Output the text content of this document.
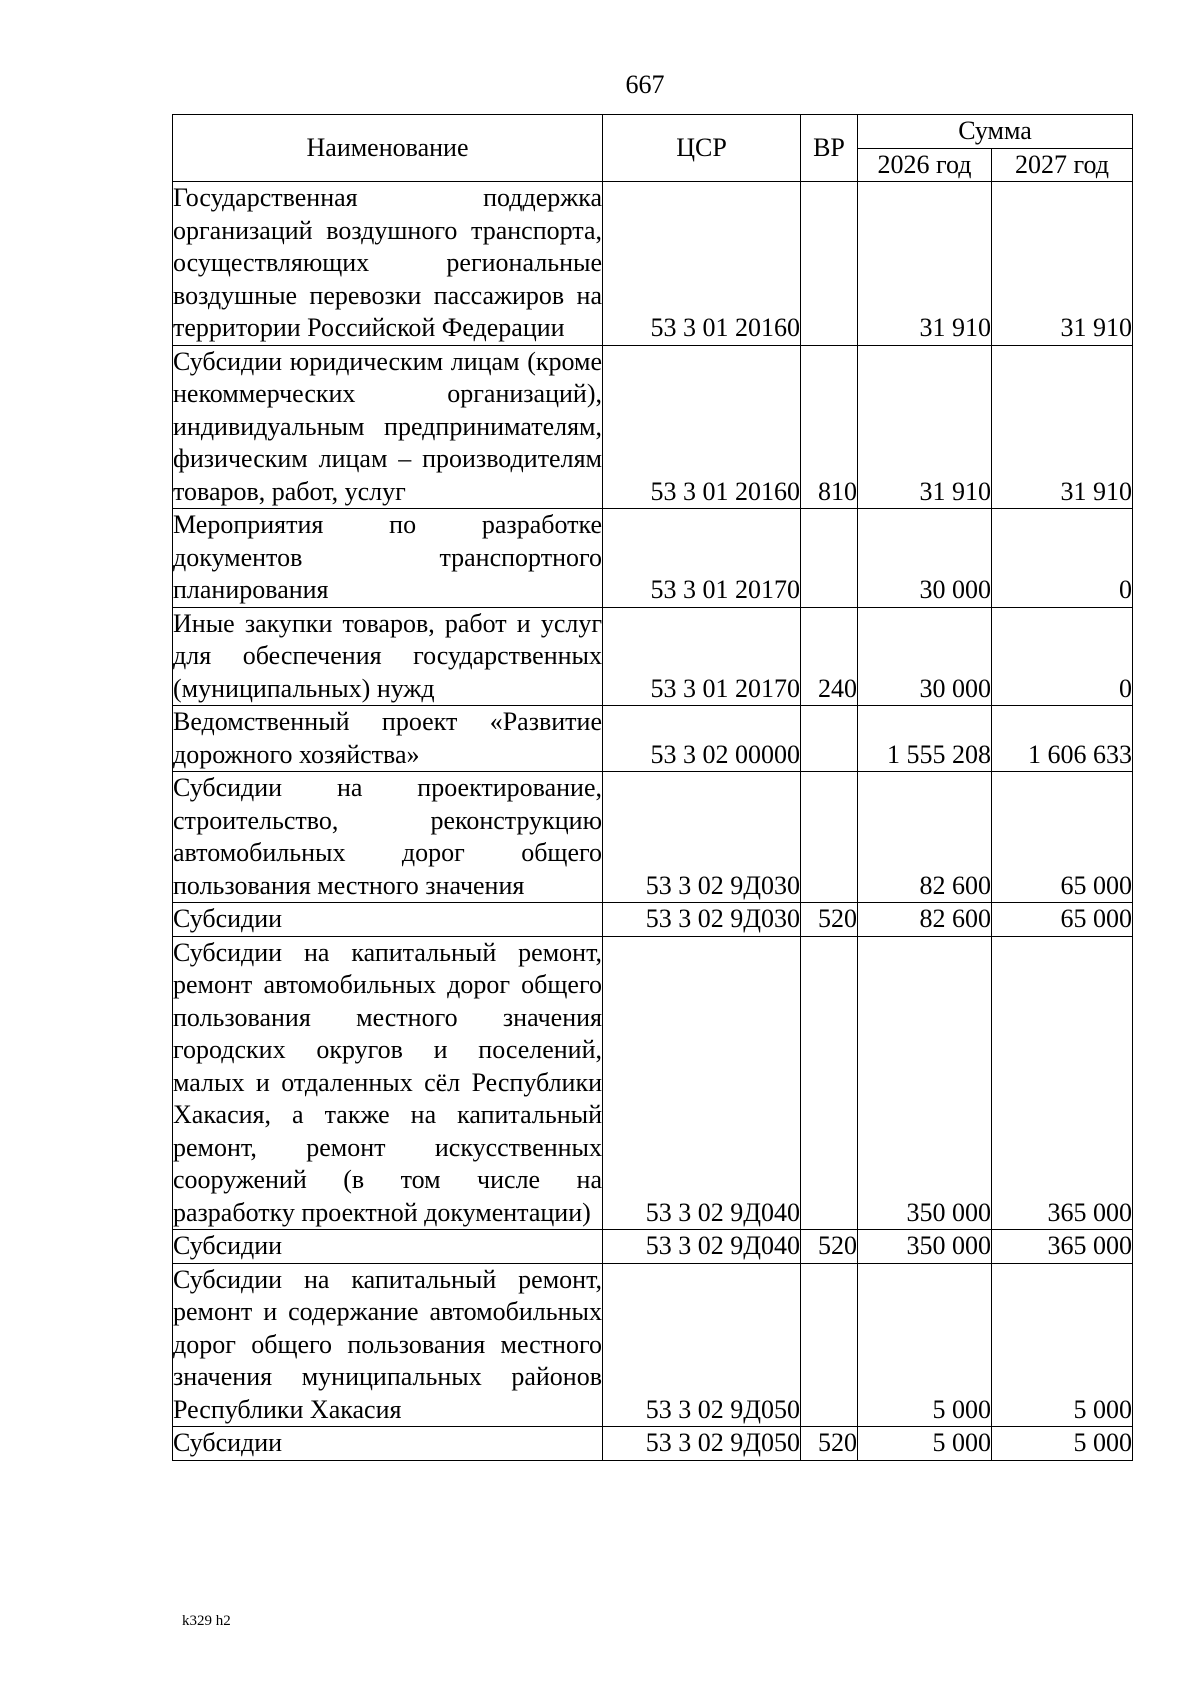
667
Наименование	ЦСР	ВР	Сумма	
			2026 год	2027 год
Государственная поддержка организаций воздушного транспорта, осуществляющих региональные воздушные перевозки пассажиров на территории Российской Федерации	53 3 01 20160		31 910	31 910
Субсидии юридическим лицам (кроме некоммерческих организаций), индивидуальным предпринимателям, физическим лицам – производителям товаров, работ, услуг	53 3 01 20160	810	31 910	31 910
Мероприятия по разработке документов транспортного планирования	53 3 01 20170		30 000	0
Иные закупки товаров, работ и услуг для обеспечения государственных (муниципальных) нужд	53 3 01 20170	240	30 000	0
Ведомственный проект «Развитие дорожного хозяйства»	53 3 02 00000		1 555 208	1 606 633
Субсидии на проектирование, строительство, реконструкцию автомобильных дорог общего пользования местного значения	53 3 02 9Д030		82 600	65 000
Субсидии	53 3 02 9Д030	520	82 600	65 000
Субсидии на капитальный ремонт, ремонт автомобильных дорог общего пользования местного значения городских округов и поселений, малых и отдаленных сёл Республики Хакасия, а также на капитальный ремонт, ремонт искусственных сооружений (в том числе на разработку проектной документации)	53 3 02 9Д040		350 000	365 000
Субсидии	53 3 02 9Д040	520	350 000	365 000
Субсидии на капитальный ремонт, ремонт и содержание автомобильных дорог общего пользования местного значения муниципальных районов Республики Хакасия	53 3 02 9Д050		5 000	5 000
Субсидии	53 3 02 9Д050	520	5 000	5 000
k329 h2
